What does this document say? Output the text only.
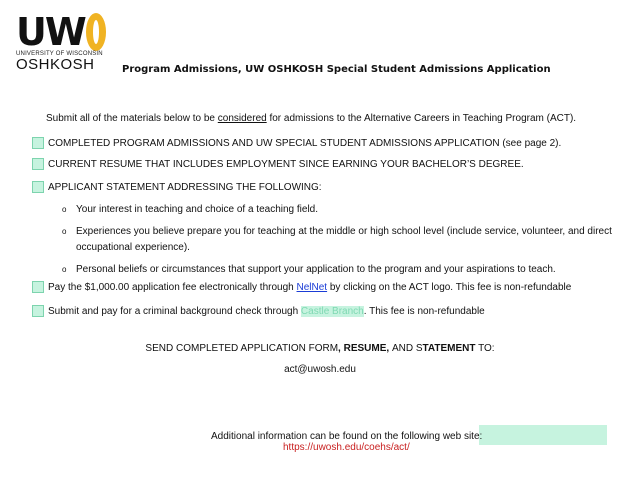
U W
UNIVERSITY OF WISCONSIN
OSHKOSH	Program Admissions, UW OSHKOSH Special Student Admissions Application
Submit all of the materials below to be considered for admissions to the Alternative Careers in Teaching Program (ACT).
COMPLETED PROGRAM ADMISSIONS AND UW SPECIAL STUDENT ADMISSIONS APPLICATION (see page 2).
CURRENT RESUME THAT INCLUDES EMPLOYMENT SINCE EARNING YOUR BACHELOR’S DEGREE.
APPLICANT STATEMENT ADDRESSING THE FOLLOWING:
o Your interest in teaching and choice of a teaching field.
o Experiences you believe prepare you for teaching at the middle or high school level (include service, volunteer, and direct occupational experience).
o Personal beliefs or circumstances that support your application to the program and your aspirations to teach.
Pay the $1,000.00 application fee electronically through NelNet by clicking on the ACT logo. This fee is non-refundable
Submit and pay for a criminal background check through Castle Branch. This fee is non-refundable
SEND COMPLETED APPLICATION FORM, RESUME, AND STATEMENT TO:
act@uwosh.edu
Additional information can be found on the following web site:
https://uwosh.edu/coehs/act/
